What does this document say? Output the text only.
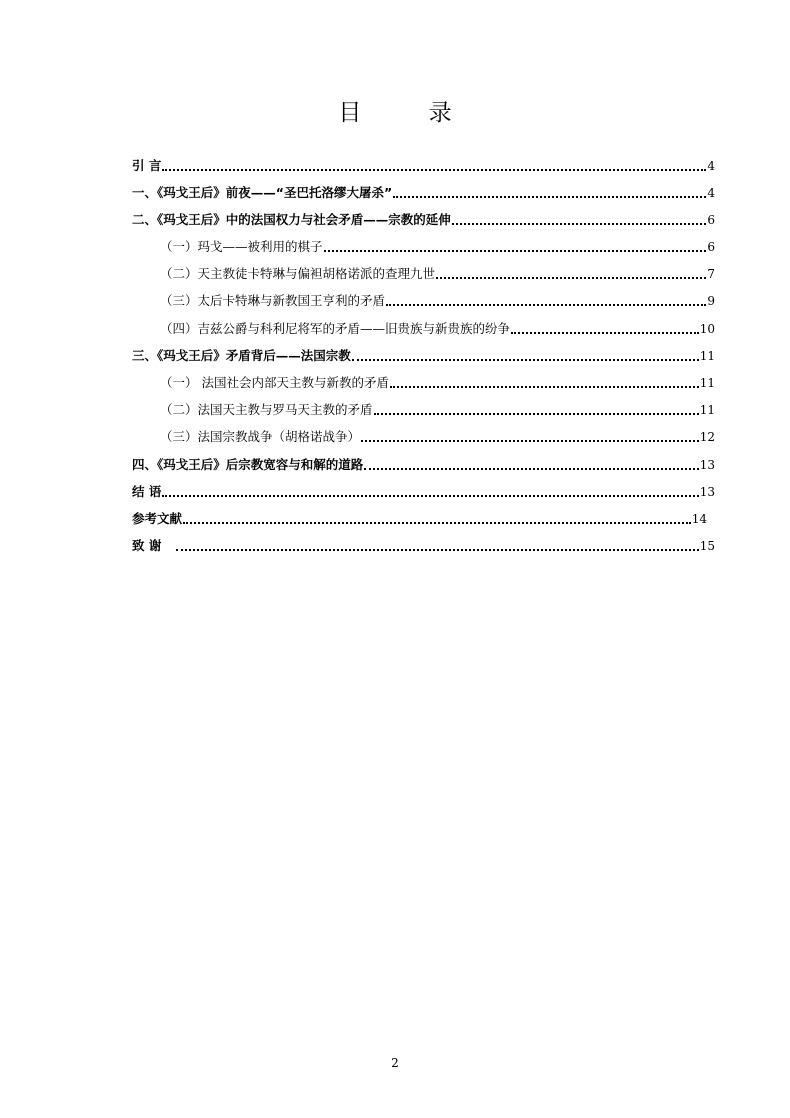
目 录
引 言	4
一、《玛戈王后》前夜——“圣巴托洛缪大屠杀”	4
二、《玛戈王后》中的法国权力与社会矛盾——宗教的延伸	6
（一）玛戈——被利用的棋子	6
（二）天主教徒卡特琳与偏袒胡格诺派的查理九世	7
（三）太后卡特琳与新教国王亨利的矛盾	9
（四）吉兹公爵与科利尼将军的矛盾——旧贵族与新贵族的纷争	10
三、《玛戈王后》矛盾背后——法国宗教	11
（一） 法国社会内部天主教与新教的矛盾	11
（二）法国天主教与罗马天主教的矛盾	11
（三）法国宗教战争（胡格诺战争）	12
四、《玛戈王后》后宗教宽容与和解的道路	13
结 语	13
参考文献	14
致 谢	15
2
